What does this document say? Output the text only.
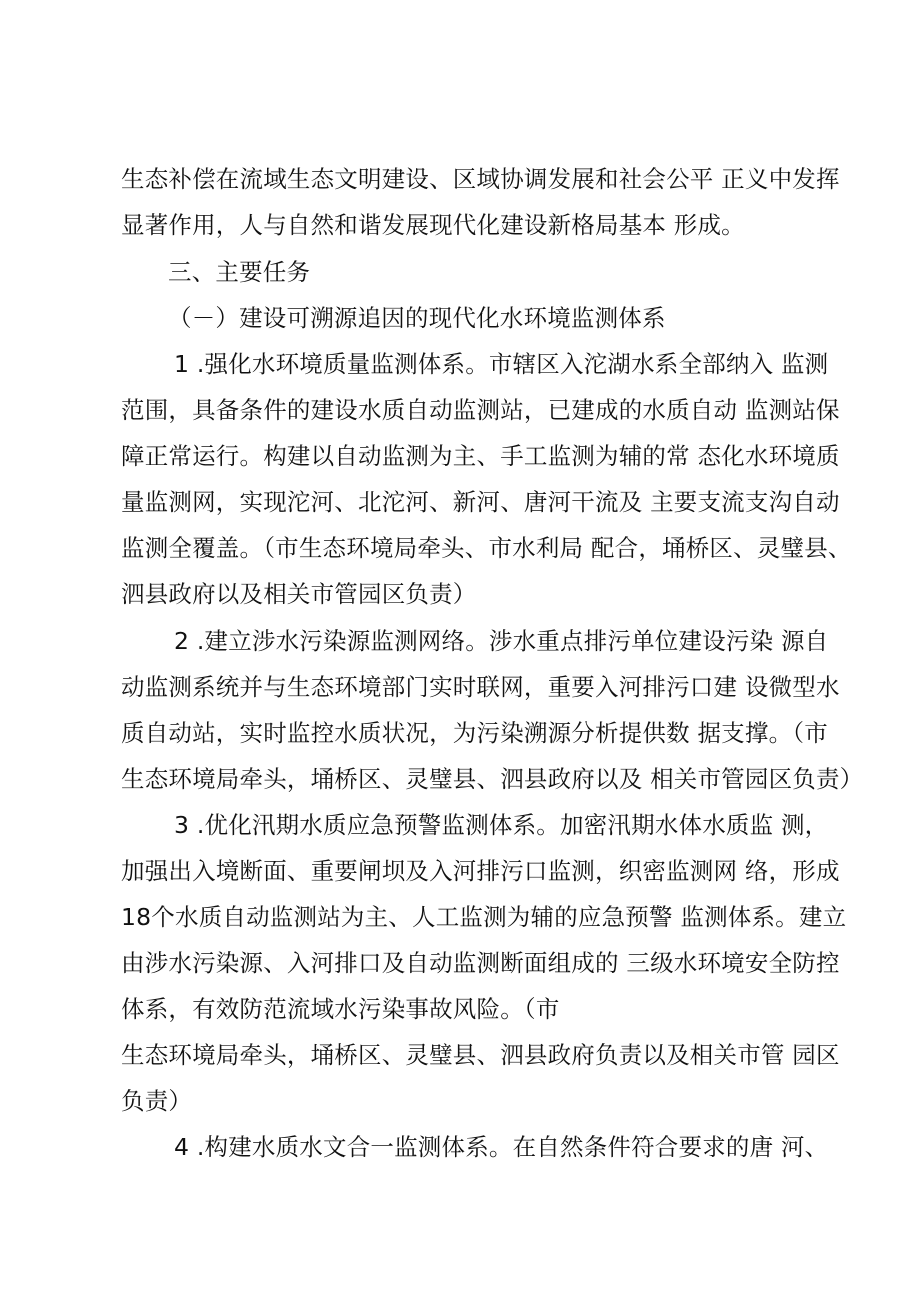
生态补偿在流域生态文明建设、区域协调发展和社会公平 正义中发挥
显著作用，人与自然和谐发展现代化建设新格局基本 形成。
三、主要任务
（－）建设可溯源追因的现代化水环境监测体系
1 .强化水环境质量监测体系。市辖区入沱湖水系全部纳入 监测
范围，具备条件的建设水质自动监测站，已建成的水质自动 监测站保
障正常运行。构建以自动监测为主、手工监测为辅的常 态化水环境质
量监测网，实现沱河、北沱河、新河、唐河干流及 主要支流支沟自动
监测全覆盖。（市生态环境局牵头、市水利局 配合，埇桥区、灵璧县、
泗县政府以及相关市管园区负责）
2 .建立涉水污染源监测网络。涉水重点排污单位建设污染 源自
动监测系统并与生态环境部门实时联网，重要入河排污口建 设微型水
质自动站，实时监控水质状况，为污染溯源分析提供数 据支撑。（市
生态环境局牵头，埇桥区、灵璧县、泗县政府以及 相关市管园区负责）
3 .优化汛期水质应急预警监测体系。加密汛期水体水质监 测，
加强出入境断面、重要闸坝及入河排污口监测，织密监测网 络，形成
18个水质自动监测站为主、人工监测为辅的应急预警 监测体系。建立
由涉水污染源、入河排口及自动监测断面组成的 三级水环境安全防控
体系，有效防范流域水污染事故风险。（市
生态环境局牵头，埇桥区、灵璧县、泗县政府负责以及相关市管 园区
负责）
4 .构建水质水文合一监测体系。在自然条件符合要求的唐 河、
